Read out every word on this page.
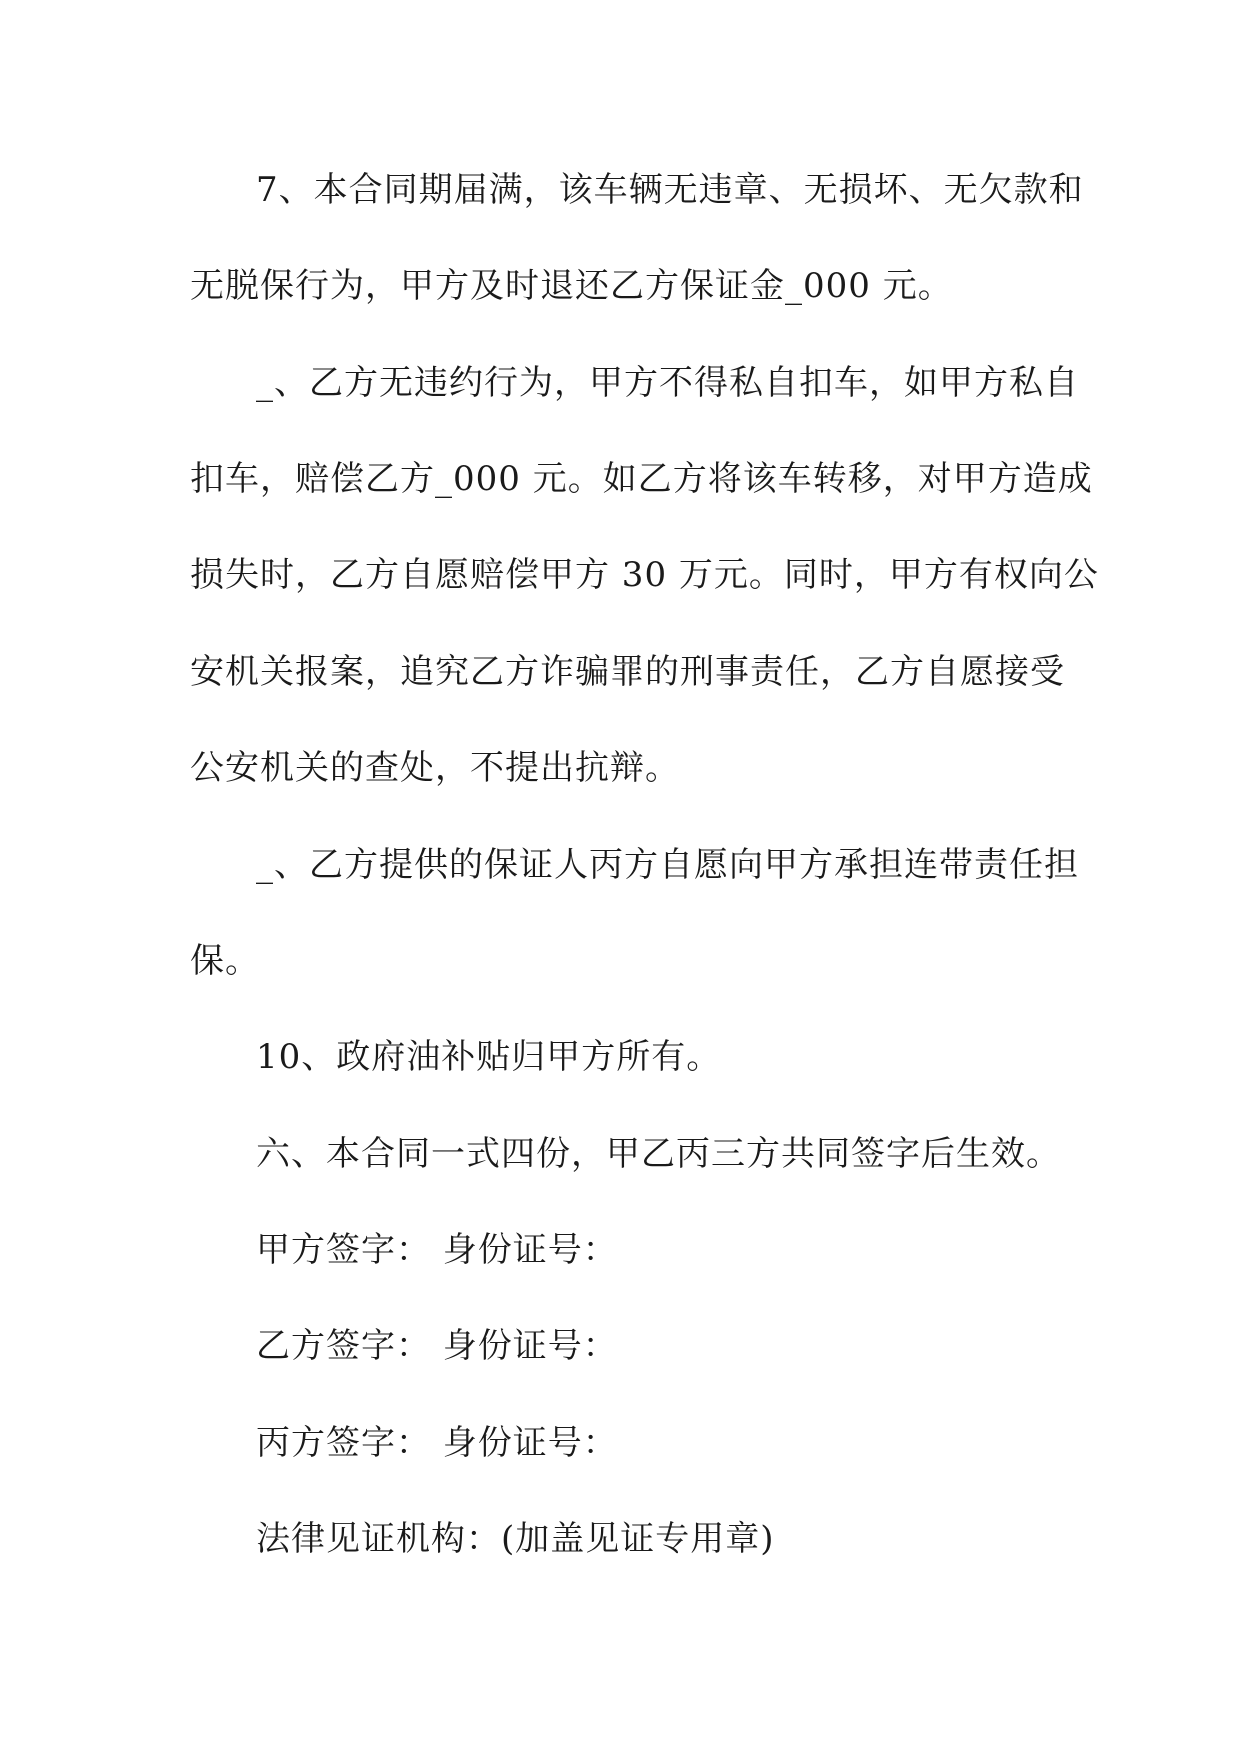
7、本合同期届满，该车辆无违章、无损坏、无欠款和
无脱保行为，甲方及时退还乙方保证金_000 元。
_、乙方无违约行为，甲方不得私自扣车，如甲方私自
扣车，赔偿乙方_000 元。如乙方将该车转移，对甲方造成
损失时，乙方自愿赔偿甲方 30 万元。同时，甲方有权向公
安机关报案，追究乙方诈骗罪的刑事责任，乙方自愿接受
公安机关的查处，不提出抗辩。
_、乙方提供的保证人丙方自愿向甲方承担连带责任担
保。
10、政府油补贴归甲方所有。
六、本合同一式四份，甲乙丙三方共同签字后生效。
甲方签字： 身份证号：
乙方签字： 身份证号：
丙方签字： 身份证号：
法律见证机构：(加盖见证专用章)
